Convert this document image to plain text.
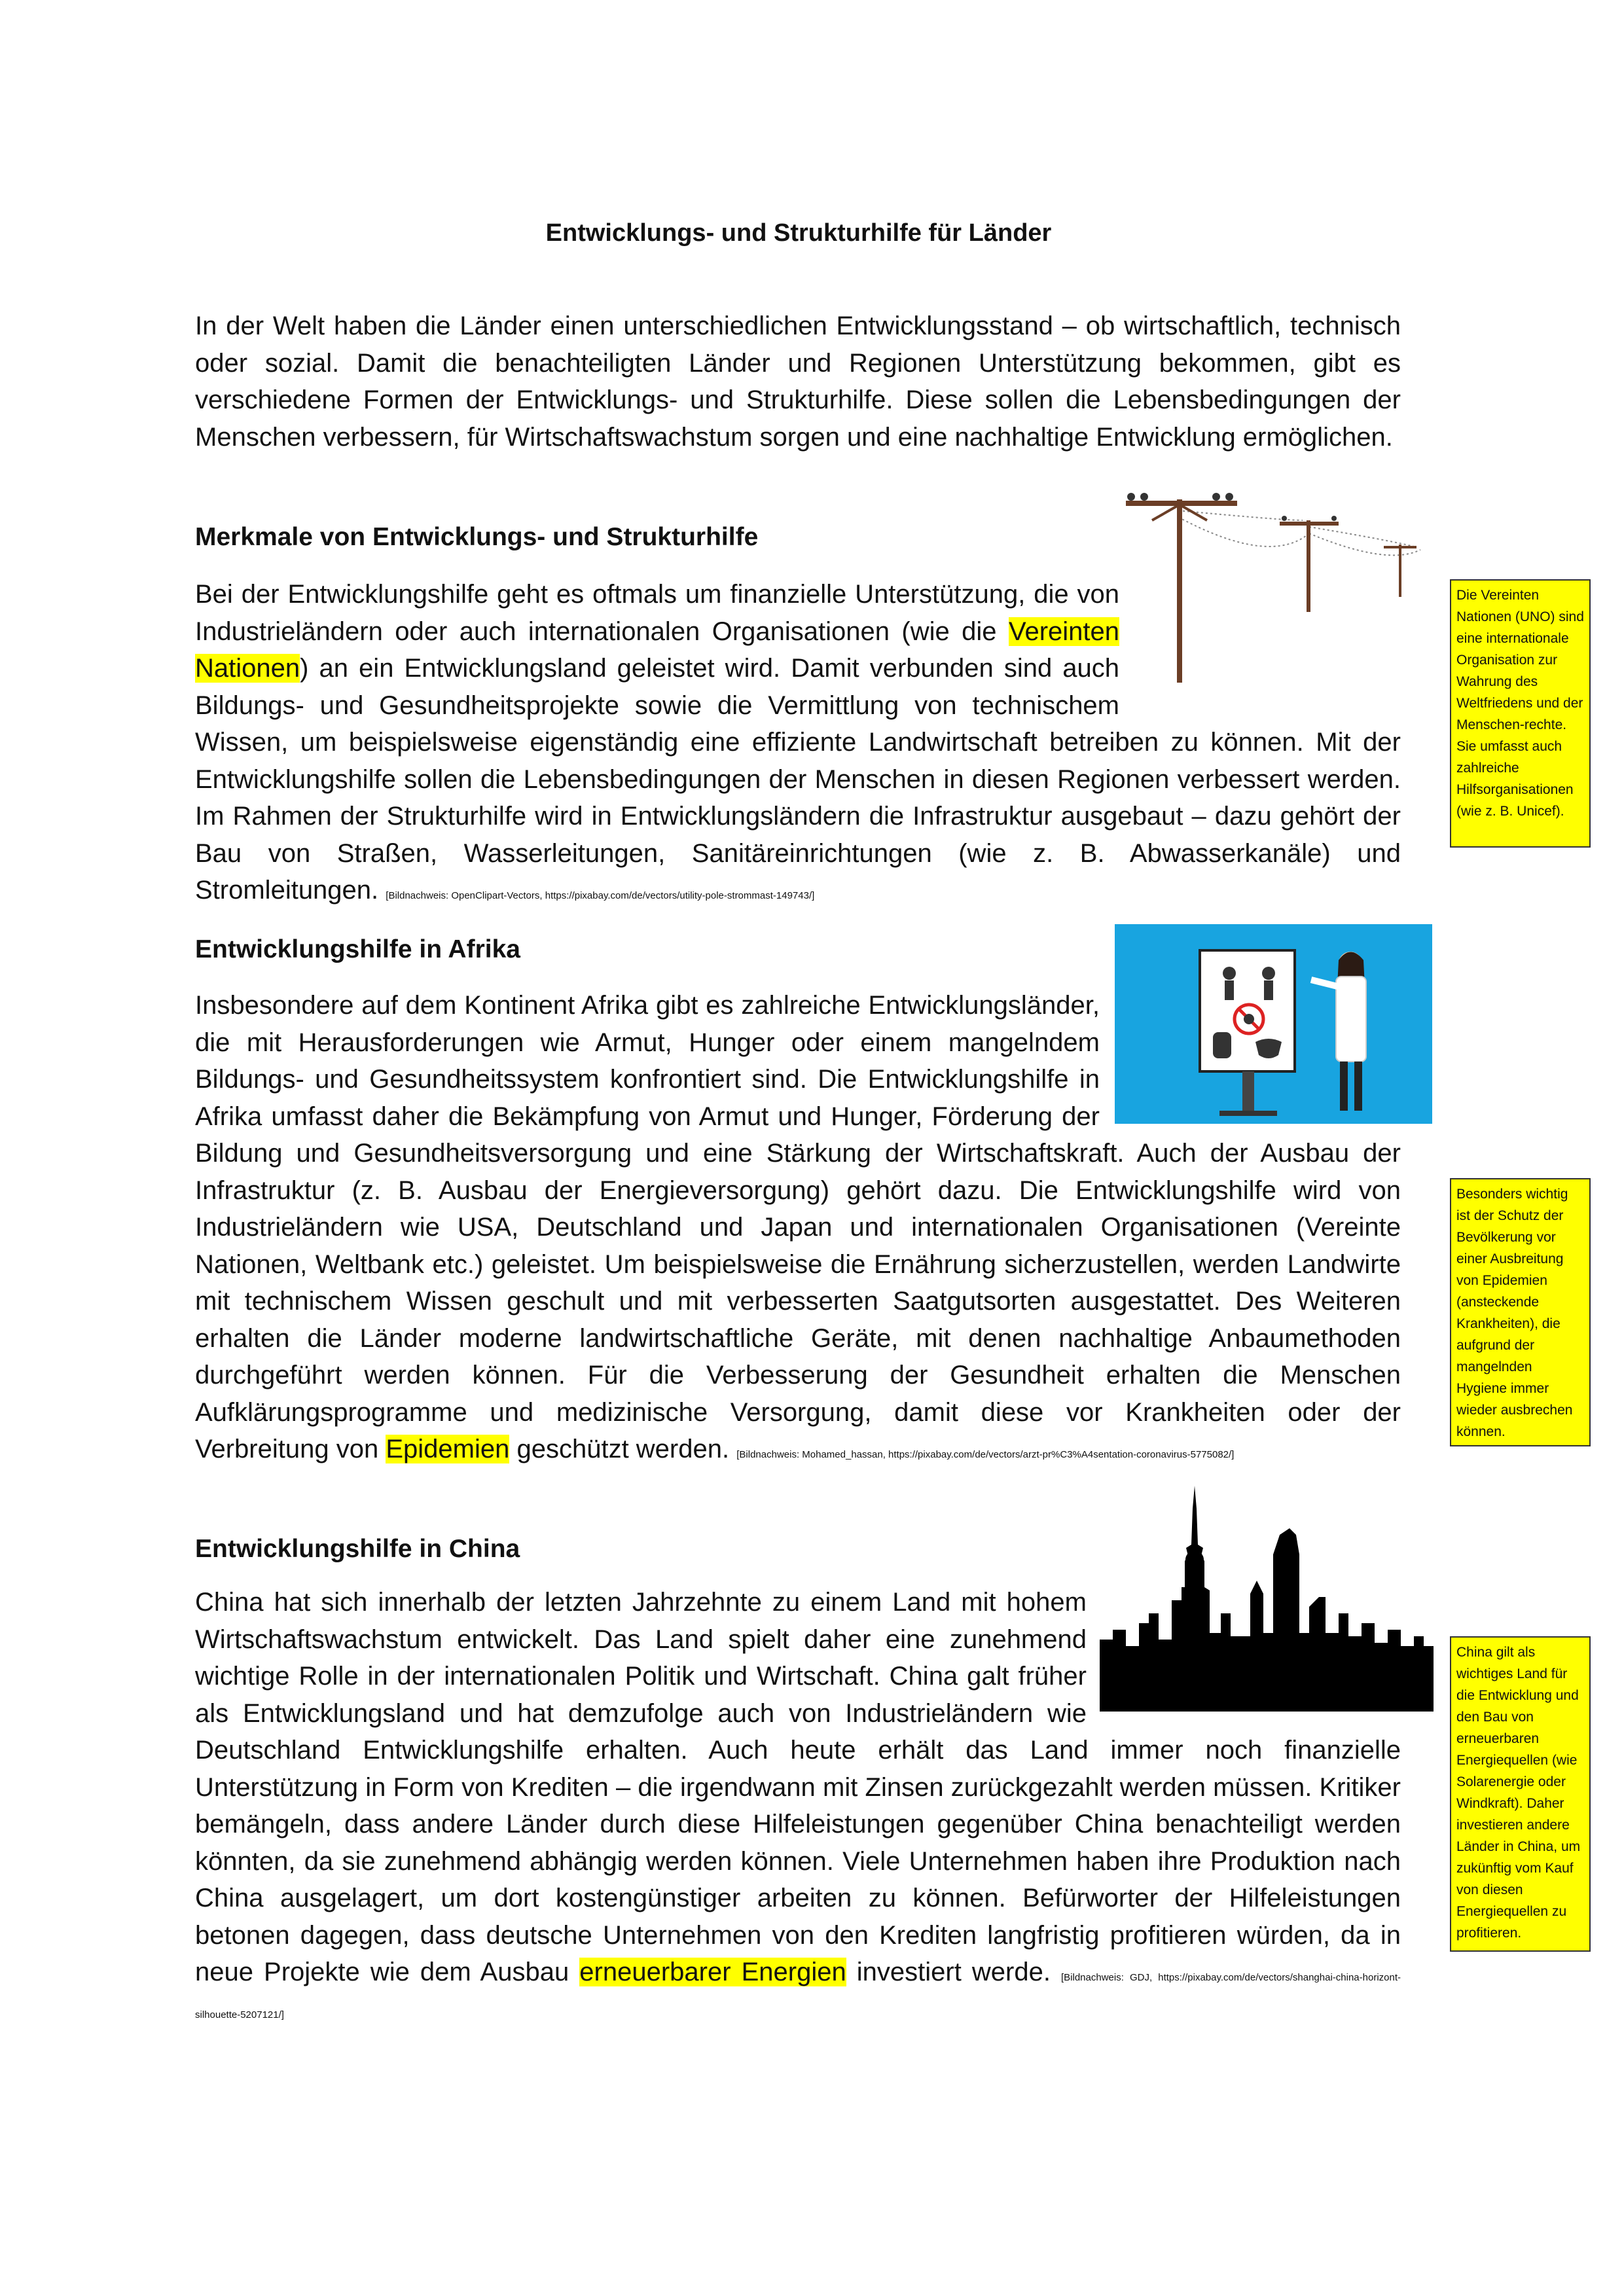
Entwicklungs- und Strukturhilfe für Länder

In der Welt haben die Länder einen unterschiedlichen Entwicklungsstand – ob wirtschaftlich, technisch oder sozial. Damit die benachteiligten Länder und Regionen Unterstützung bekommen, gibt es verschiedene Formen der Entwicklungs- und Strukturhilfe. Diese sollen die Lebensbedingungen der Menschen verbessern, für Wirtschaftswachstum sorgen und eine nachhaltige Entwicklung ermöglichen.

Merkmale von Entwicklungs- und Strukturhilfe

Bei der Entwicklungshilfe geht es oftmals um finanzielle Unterstützung, die von Industrieländern oder auch internationalen Organisationen (wie die Vereinten Nationen) an ein Entwicklungsland geleistet wird. Damit verbunden sind auch Bildungs- und Gesundheitsprojekte sowie die Vermittlung von technischem Wissen, um beispielsweise eigenständig eine effiziente Landwirtschaft betreiben zu können. Mit der Entwicklungshilfe sollen die Lebensbedingungen der Menschen in diesen Regionen verbessert werden. Im Rahmen der Strukturhilfe wird in Entwicklungsländern die Infrastruktur ausgebaut – dazu gehört der Bau von Straßen, Wasserleitungen, Sanitäreinrichtungen (wie z. B. Abwasserkanäle) und Stromleitungen. [Bildnachweis: OpenClipart-Vectors, https://pixabay.com/de/vectors/utility-pole-strommast-149743/]

Die Vereinten Nationen (UNO) sind eine internationale Organisation zur Wahrung des Weltfriedens und der Menschen-rechte. Sie umfasst auch zahlreiche Hilfsorganisationen (wie z. B. Unicef).
Entwicklungshilfe in Afrika

Insbesondere auf dem Kontinent Afrika gibt es zahlreiche Entwicklungsländer, die mit Herausforderungen wie Armut, Hunger oder einem mangelndem Bildungs- und Gesundheitssystem konfrontiert sind. Die Entwicklungshilfe in Afrika umfasst daher die Bekämpfung von Armut und Hunger, Förderung der Bildung und Gesundheitsversorgung und eine Stärkung der Wirtschaftskraft. Auch der Ausbau der Infrastruktur (z. B. Ausbau der Energieversorgung) gehört dazu. Die Entwicklungshilfe wird von Industrieländern wie USA, Deutschland und Japan und internationalen Organisationen (Vereinte Nationen, Weltbank etc.) geleistet. Um beispielsweise die Ernährung sicherzustellen, werden Landwirte mit technischem Wissen geschult und mit verbesserten Saatgutsorten ausgestattet. Des Weiteren erhalten die Länder moderne landwirtschaftliche Geräte, mit denen nachhaltige Anbaumethoden durchgeführt werden können. Für die Verbesserung der Gesundheit erhalten die Menschen Aufklärungsprogramme und medizinische Versorgung, damit diese vor Krankheiten oder der Verbreitung von Epidemien geschützt werden. [Bildnachweis: Mohamed_hassan, https://pixabay.com/de/vectors/arzt-pr%C3%A4sentation-coronavirus-5775082/]

Besonders wichtig ist der Schutz der Bevölkerung vor einer Ausbreitung von Epidemien (ansteckende Krankheiten), die aufgrund der mangelnden Hygiene immer wieder ausbrechen können.
Entwicklungshilfe in China

China hat sich innerhalb der letzten Jahrzehnte zu einem Land mit hohem Wirtschaftswachstum entwickelt. Das Land spielt daher eine zunehmend wichtige Rolle in der internationalen Politik und Wirtschaft. China galt früher als Entwicklungsland und hat demzufolge auch von Industrieländern wie Deutschland Entwicklungshilfe erhalten. Auch heute erhält das Land immer noch finanzielle Unterstützung in Form von Krediten – die irgendwann mit Zinsen zurückgezahlt werden müssen. Kritiker bemängeln, dass andere Länder durch diese Hilfeleistungen gegenüber China benachteiligt werden könnten, da sie zunehmend abhängig werden können. Viele Unternehmen haben ihre Produktion nach China ausgelagert, um dort kostengünstiger arbeiten zu können. Befürworter der Hilfeleistungen betonen dagegen, dass deutsche Unternehmen von den Krediten langfristig profitieren würden, da in neue Projekte wie dem Ausbau erneuerbarer Energien investiert werde. [Bildnachweis: GDJ, https://pixabay.com/de/vectors/shanghai-china-horizont-silhouette-5207121/]

China gilt als wichtiges Land für die Entwicklung und den Bau von erneuerbaren Energiequellen (wie Solarenergie oder Windkraft). Daher investieren andere Länder in China, um zukünftig vom Kauf von diesen Energiequellen zu profitieren.
